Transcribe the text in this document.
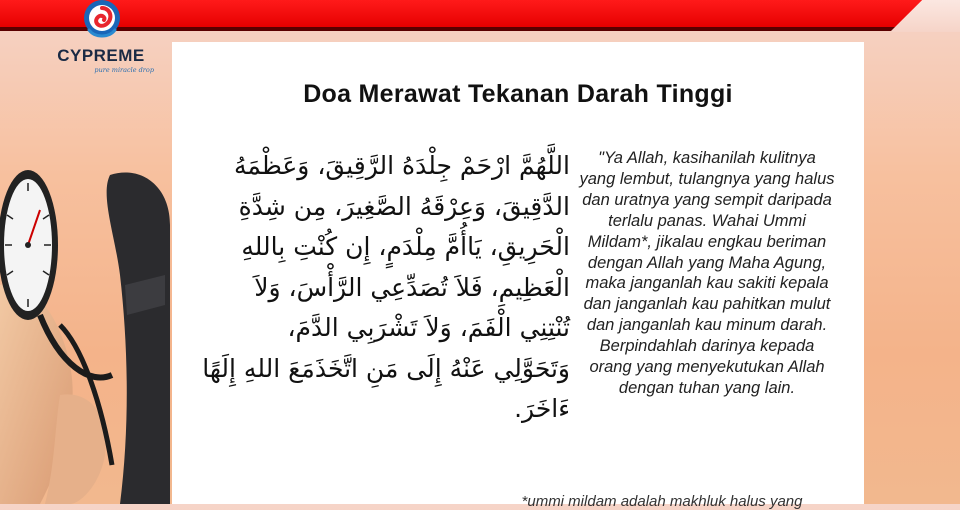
CYPREME
pure miracle drop
Doa Merawat Tekanan Darah Tinggi
اللَّهُمَّ ارْحَمْ جِلْدَهُ الرَّقِيقَ، وَعَظْمَهُ
الدَّقِيقَ، وَعِرْقَهُ الصَّغِيرَ، مِن شِدَّةِ
الْحَرِيقِ، يَاأُمَّ مِلْدَمٍ، إِن كُنْتِ بِاللهِ
الْعَظِيمِ، فَلاَ تُصَدِّعِي الرَّأْسَ، وَلاَ
تُنْتِنِي الْفَمَ، وَلاَ تَشْرَبِي الدَّمَ،
وَتَحَوَّلِي عَنْهُ إِلَى مَنِ اتَّخَذَمَعَ اللهِ إِلَهًا
ءَاخَرَ.
"Ya Allah, kasihanilah kulitnya
yang lembut, tulangnya yang halus
dan uratnya yang sempit daripada
terlalu panas. Wahai Ummi
Mildam*, jikalau engkau beriman
dengan Allah yang Maha Agung,
maka janganlah kau sakiti kepala
dan janganlah kau pahitkan mulut
dan janganlah kau minum darah.
Berpindahlah darinya kepada
orang yang menyekutukan Allah
dengan tuhan yang lain.
*ummi mildam adalah makhluk halus yang
